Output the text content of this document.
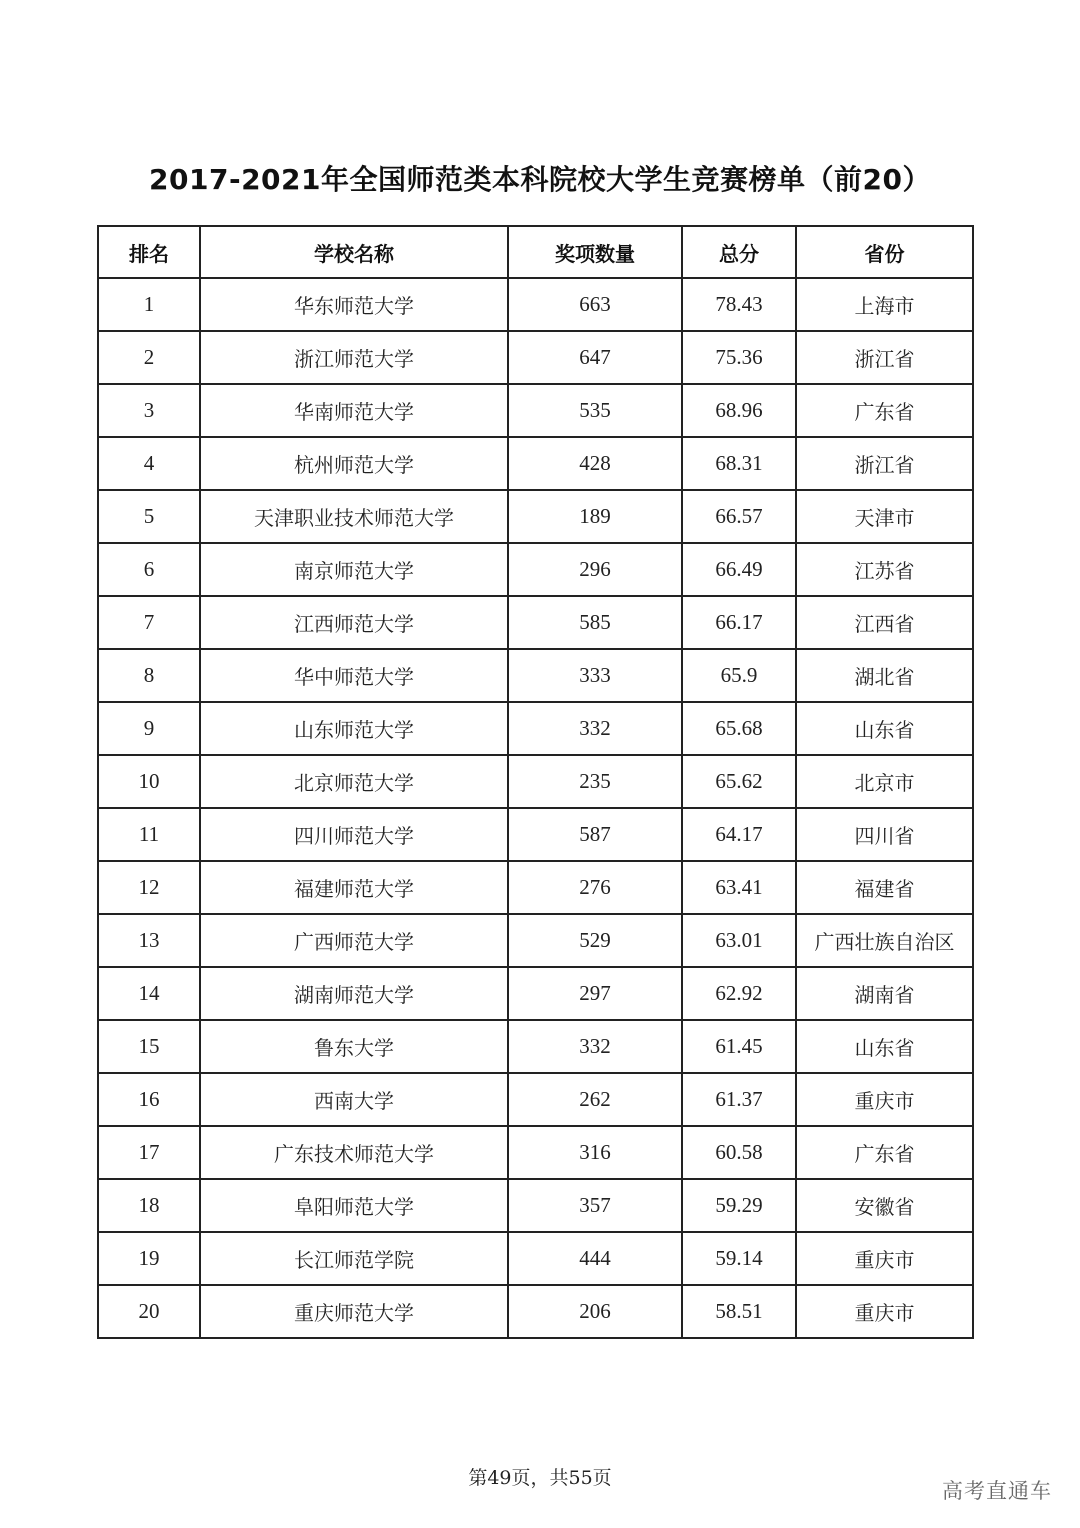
2017-2021年全国师范类本科院校大学生竞赛榜单（前20）
排名	学校名称	奖项数量	总分	省份
1	华东师范大学	663	78.43	上海市
2	浙江师范大学	647	75.36	浙江省
3	华南师范大学	535	68.96	广东省
4	杭州师范大学	428	68.31	浙江省
5	天津职业技术师范大学	189	66.57	天津市
6	南京师范大学	296	66.49	江苏省
7	江西师范大学	585	66.17	江西省
8	华中师范大学	333	65.9	湖北省
9	山东师范大学	332	65.68	山东省
10	北京师范大学	235	65.62	北京市
11	四川师范大学	587	64.17	四川省
12	福建师范大学	276	63.41	福建省
13	广西师范大学	529	63.01	广西壮族自治区
14	湖南师范大学	297	62.92	湖南省
15	鲁东大学	332	61.45	山东省
16	西南大学	262	61.37	重庆市
17	广东技术师范大学	316	60.58	广东省
18	阜阳师范大学	357	59.29	安徽省
19	长江师范学院	444	59.14	重庆市
20	重庆师范大学	206	58.51	重庆市
第49页，共55页
高考直通车
